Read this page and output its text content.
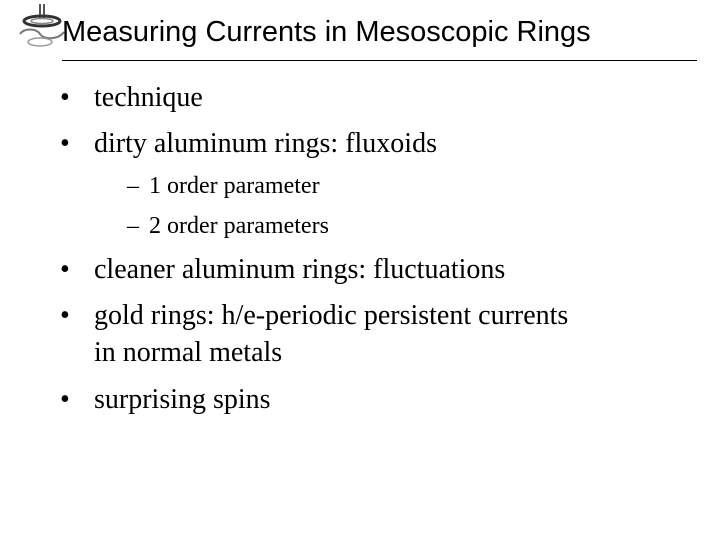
Measuring Currents in Mesoscopic Rings
• technique
• dirty aluminum rings: fluxoids
– 1 order parameter
– 2 order parameters
• cleaner aluminum rings: fluctuations
• gold rings: h/e-periodic persistent currents
in normal metals
• surprising spins
